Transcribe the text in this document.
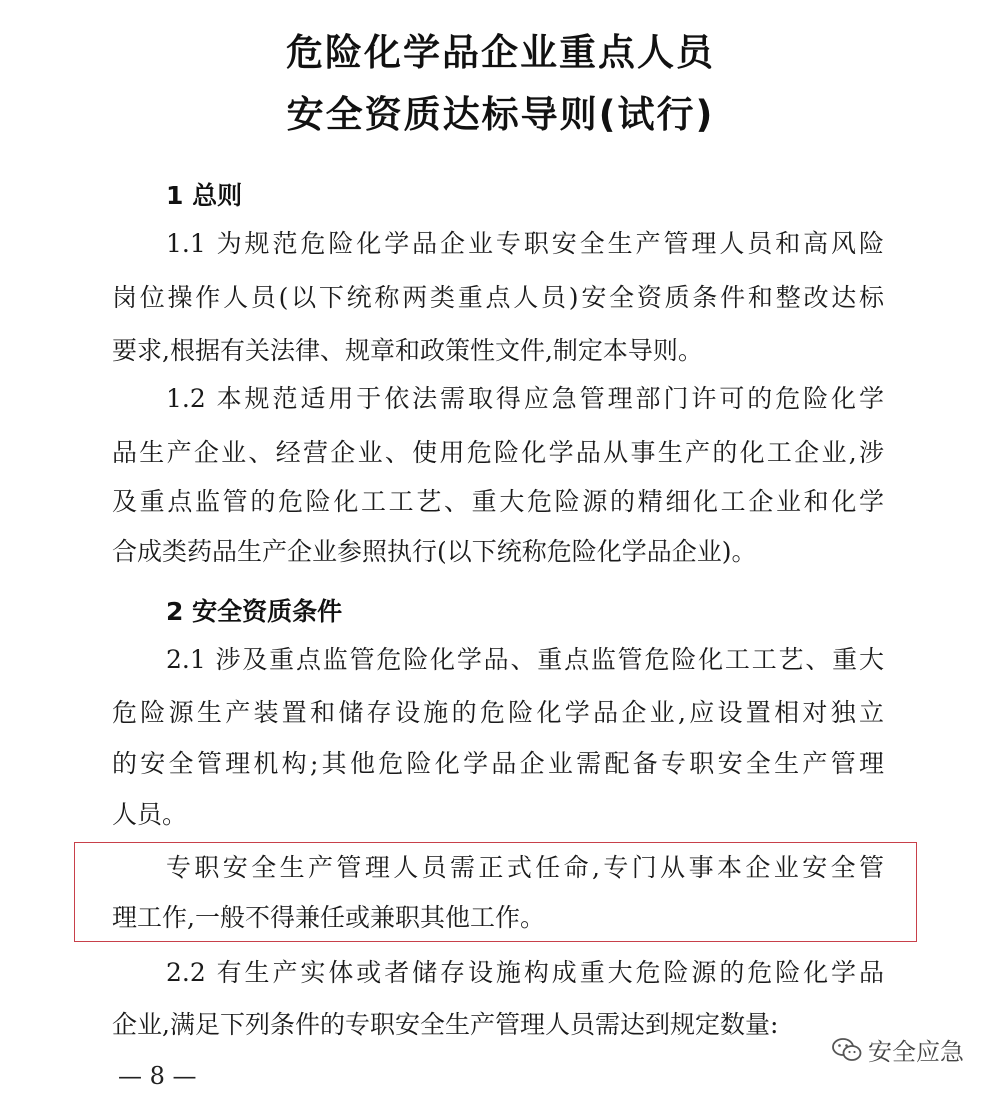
危险化学品企业重点人员
安全资质达标导则(试行)
1 总则
1.1 为规范危险化学品企业专职安全生产管理人员和高风险
岗位操作人员(以下统称两类重点人员)安全资质条件和整改达标
要求,根据有关法律、规章和政策性文件,制定本导则。
1.2 本规范适用于依法需取得应急管理部门许可的危险化学
品生产企业、经营企业、使用危险化学品从事生产的化工企业,涉
及重点监管的危险化工工艺、重大危险源的精细化工企业和化学
合成类药品生产企业参照执行(以下统称危险化学品企业)。
2 安全资质条件
2.1 涉及重点监管危险化学品、重点监管危险化工工艺、重大
危险源生产装置和储存设施的危险化学品企业,应设置相对独立
的安全管理机构;其他危险化学品企业需配备专职安全生产管理
人员。
专职安全生产管理人员需正式任命,专门从事本企业安全管
理工作,一般不得兼任或兼职其他工作。
2.2 有生产实体或者储存设施构成重大危险源的危险化学品
企业,满足下列条件的专职安全生产管理人员需达到规定数量:
— 8 —
安全应急
